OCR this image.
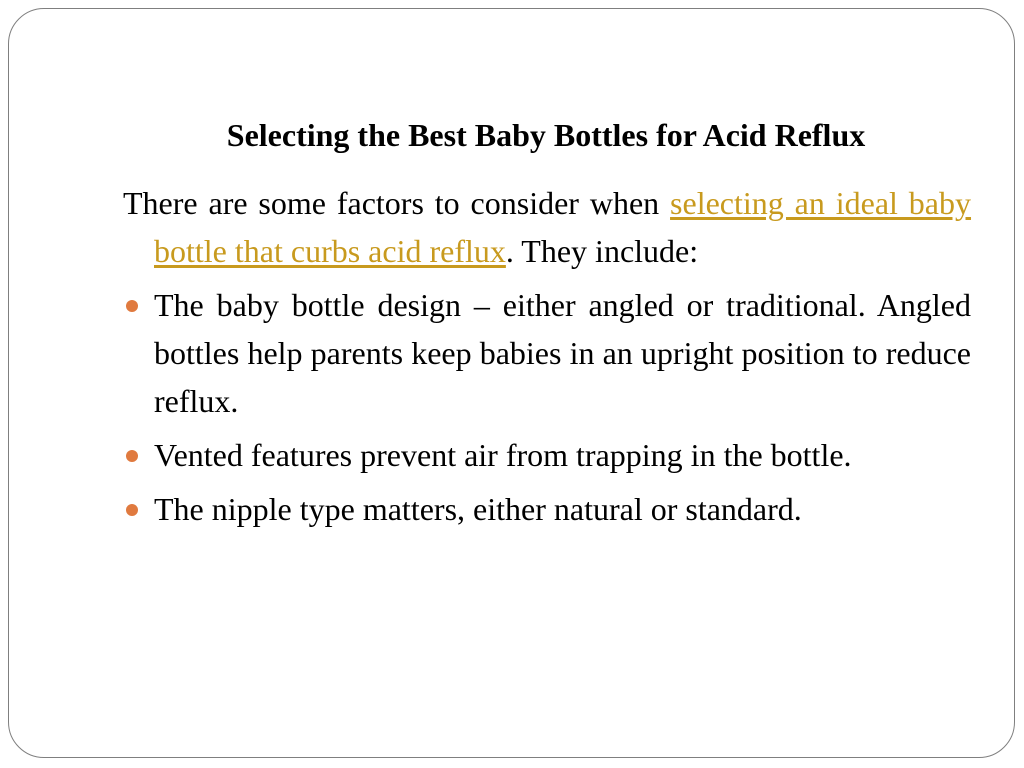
Selecting the Best Baby Bottles for Acid Reflux

There are some factors to consider when selecting an ideal baby bottle that curbs acid reflux. They include:

The baby bottle design – either angled or traditional. Angled bottles help parents keep babies in an upright position to reduce reflux.
Vented features prevent air from trapping in the bottle.
The nipple type matters, either natural or standard.
